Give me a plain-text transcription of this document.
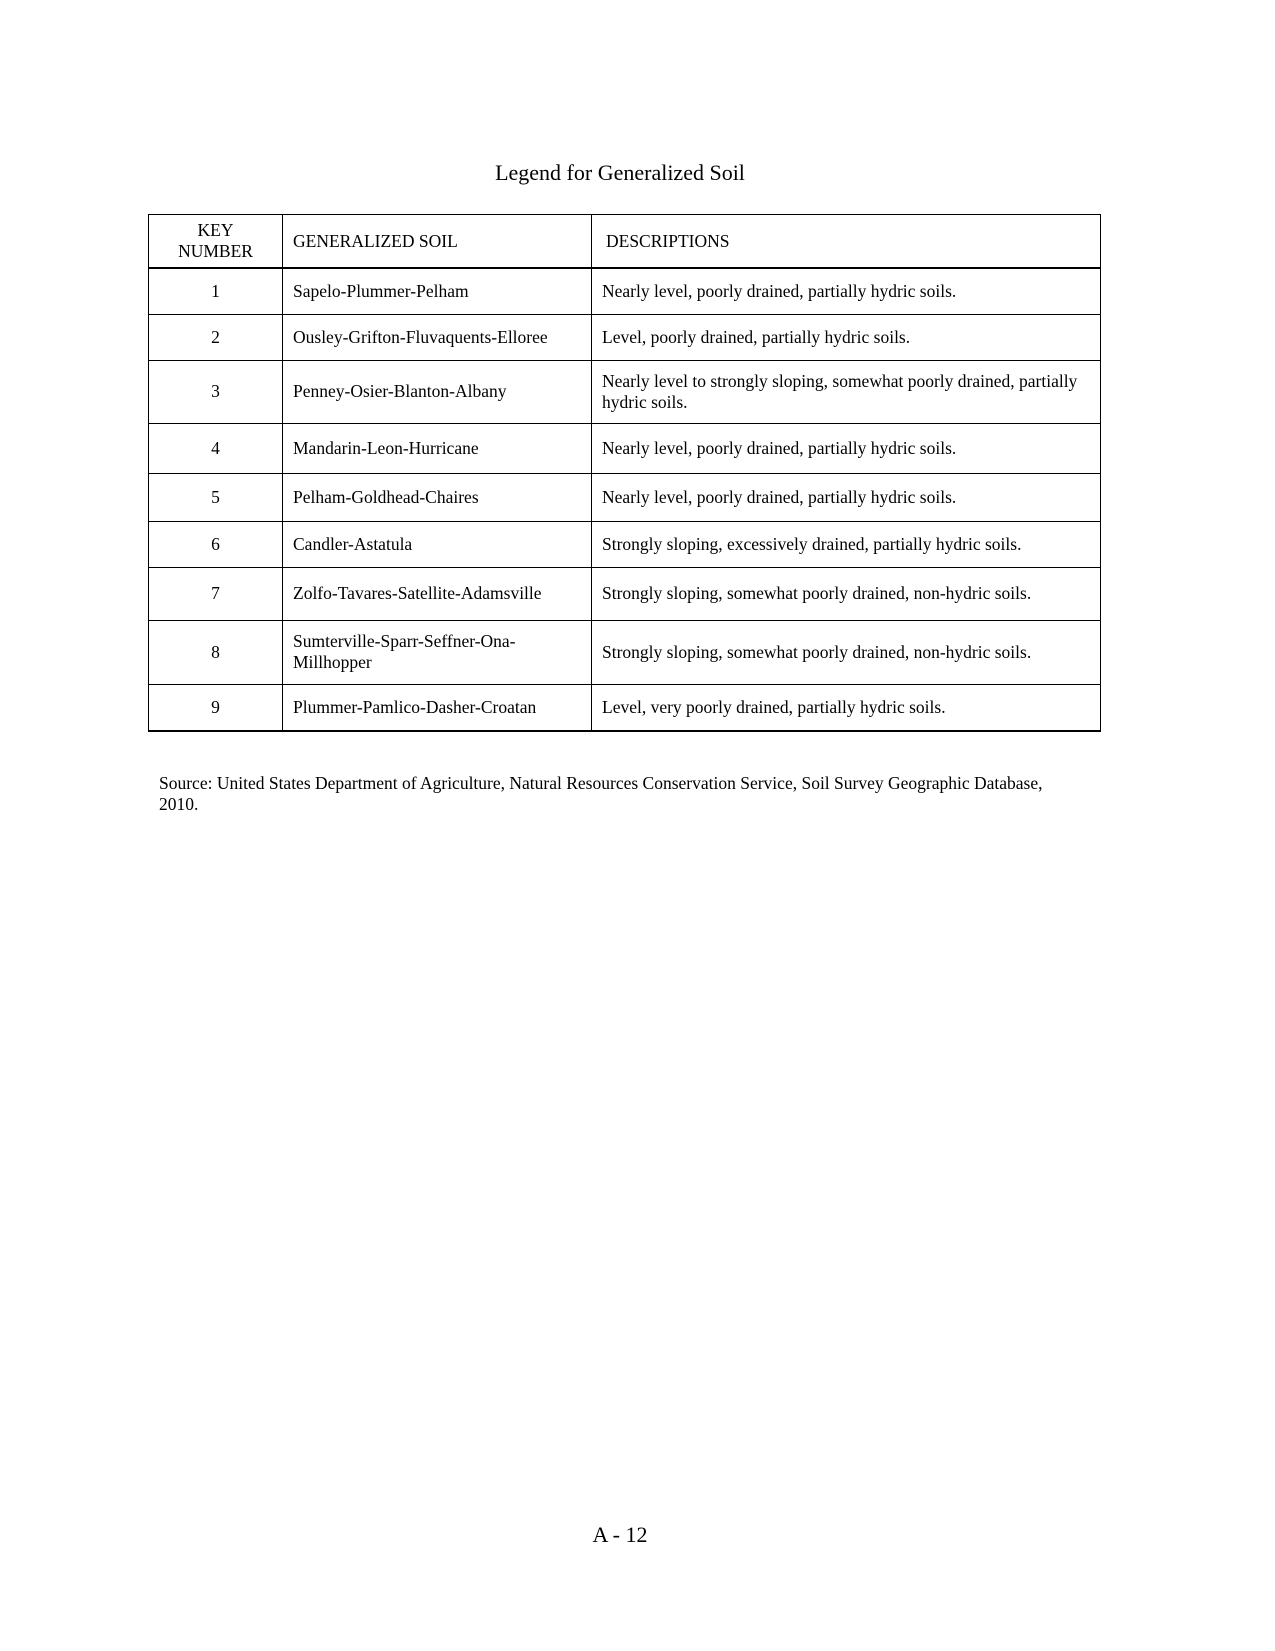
Legend for Generalized Soil
KEY
NUMBER	GENERALIZED SOIL	DESCRIPTIONS
1	Sapelo-Plummer-Pelham	Nearly level, poorly drained, partially hydric soils.
2	Ousley-Grifton-Fluvaquents-Elloree	Level, poorly drained, partially hydric soils.
3	Penney-Osier-Blanton-Albany	Nearly level to strongly sloping, somewhat poorly drained, partially hydric soils.
4	Mandarin-Leon-Hurricane	Nearly level, poorly drained, partially hydric soils.
5	Pelham-Goldhead-Chaires	Nearly level, poorly drained, partially hydric soils.
6	Candler-Astatula	Strongly sloping, excessively drained, partially hydric soils.
7	Zolfo-Tavares-Satellite-Adamsville	Strongly sloping, somewhat poorly drained, non-hydric soils.
8	Sumterville-Sparr-Seffner-Ona-Millhopper	Strongly sloping, somewhat poorly drained, non-hydric soils.
9	Plummer-Pamlico-Dasher-Croatan	Level, very poorly drained, partially hydric soils.
Source: United States Department of Agriculture, Natural Resources Conservation Service, Soil Survey Geographic Database, 2010.
A - 12
